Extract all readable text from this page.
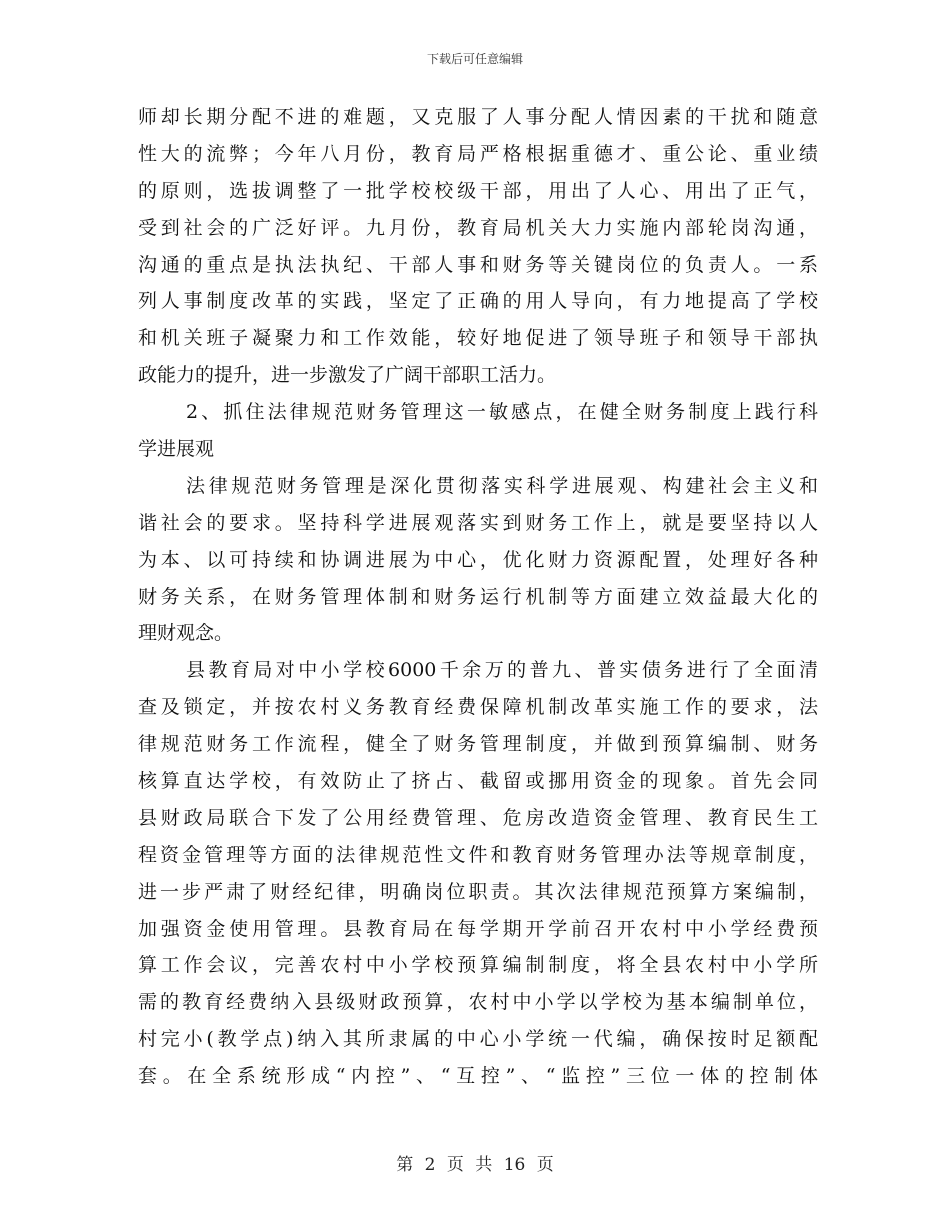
下载后可任意编辑
师却长期分配不进的难题，又克服了人事分配人情因素的干扰和随意
性大的流弊；今年八月份，教育局严格根据重德才、重公论、重业绩
的原则，选拔调整了一批学校校级干部，用出了人心、用出了正气，
受到社会的广泛好评。九月份，教育局机关大力实施内部轮岗沟通，
沟通的重点是执法执纪、干部人事和财务等关键岗位的负责人。一系
列人事制度改革的实践，坚定了正确的用人导向，有力地提高了学校
和机关班子凝聚力和工作效能，较好地促进了领导班子和领导干部执
政能力的提升，进一步激发了广阔干部职工活力。
2、抓住法律规范财务管理这一敏感点，在健全财务制度上践行科
学进展观
法律规范财务管理是深化贯彻落实科学进展观、构建社会主义和
谐社会的要求。坚持科学进展观落实到财务工作上，就是要坚持以人
为本、以可持续和协调进展为中心，优化财力资源配置，处理好各种
财务关系，在财务管理体制和财务运行机制等方面建立效益最大化的
理财观念。
县教育局对中小学校6000千余万的普九、普实债务进行了全面清
查及锁定，并按农村义务教育经费保障机制改革实施工作的要求，法
律规范财务工作流程，健全了财务管理制度，并做到预算编制、财务
核算直达学校，有效防止了挤占、截留或挪用资金的现象。首先会同
县财政局联合下发了公用经费管理、危房改造资金管理、教育民生工
程资金管理等方面的法律规范性文件和教育财务管理办法等规章制度，
进一步严肃了财经纪律，明确岗位职责。其次法律规范预算方案编制，
加强资金使用管理。县教育局在每学期开学前召开农村中小学经费预
算工作会议，完善农村中小学校预算编制制度，将全县农村中小学所
需的教育经费纳入县级财政预算，农村中小学以学校为基本编制单位，
村完小(教学点)纳入其所隶属的中心小学统一代编，确保按时足额配
套。在全系统形成“内控”、“互控”、“监控”三位一体的控制体
第 2 页 共 16 页
